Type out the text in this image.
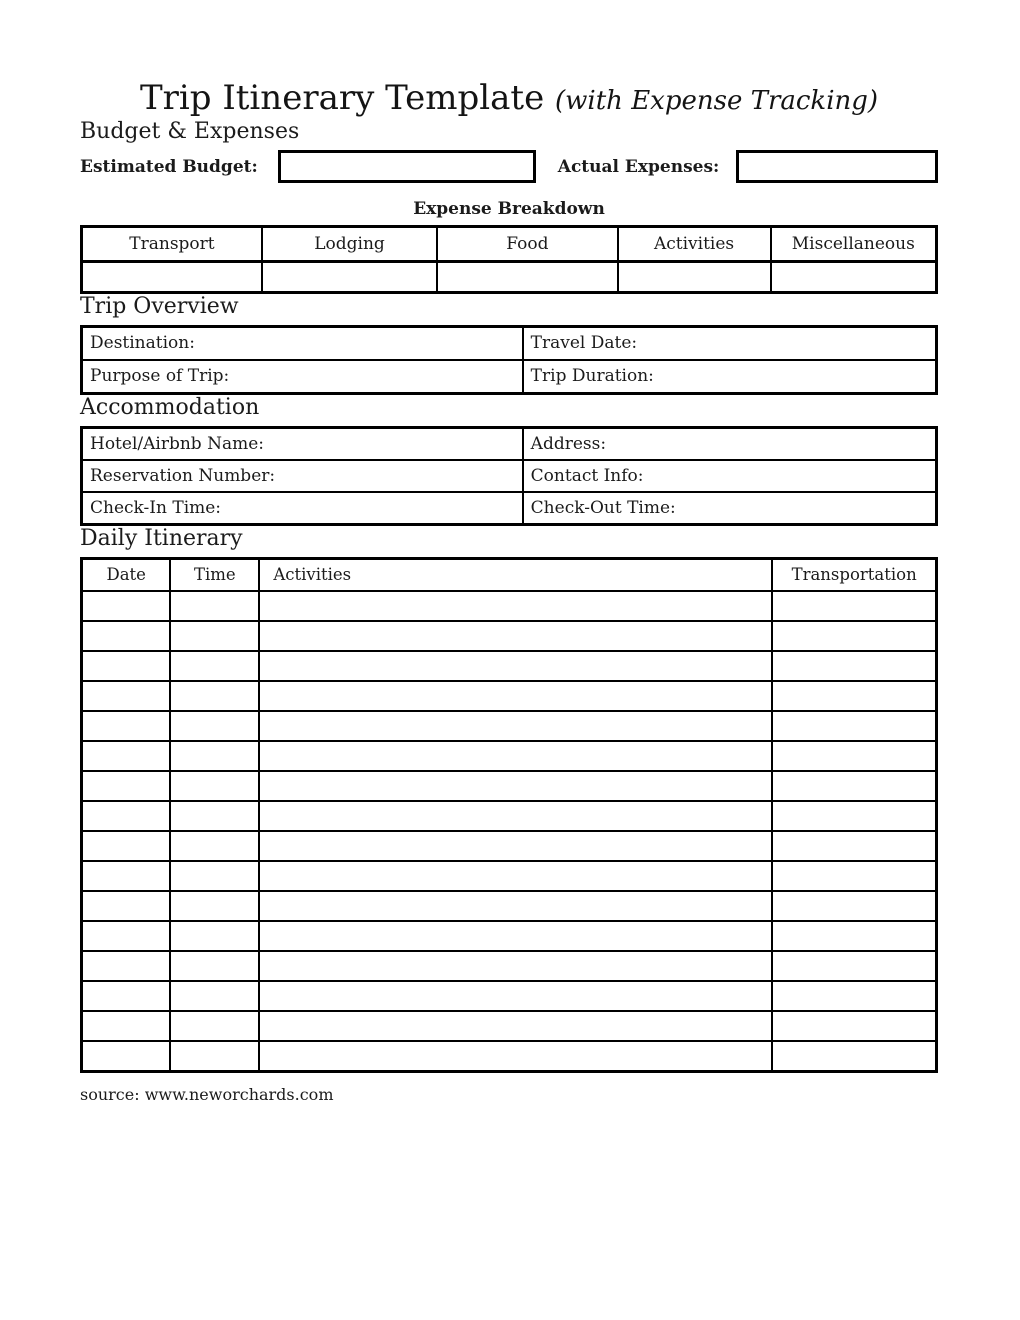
Trip Itinerary Template (with Expense Tracking)
Budget & Expenses
Estimated Budget:	Actual Expenses:
Expense Breakdown
Transport	Lodging	Food	Activities	Miscellaneous

Trip Overview
Destination:	Travel Date:
Purpose of Trip:	Trip Duration:
Accommodation
Hotel/Airbnb Name:	Address:
Reservation Number:	Contact Info:
Check-In Time:	Check-Out Time:
Daily Itinerary
Date	Time	Activities	Transportation

source: www.neworchards.com
